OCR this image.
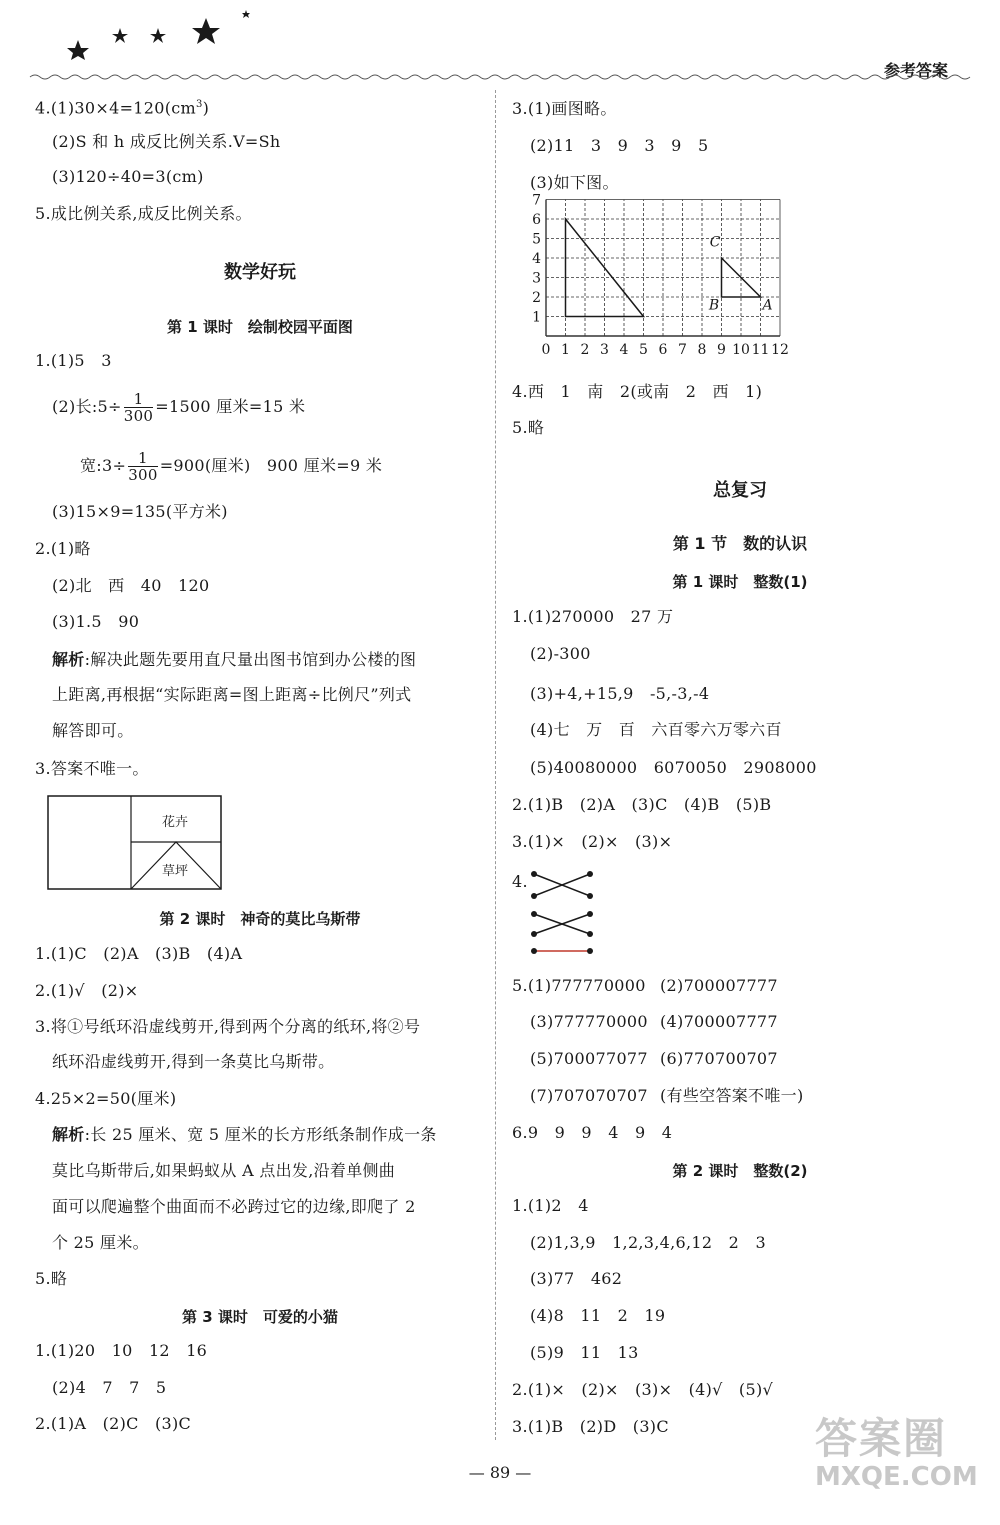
参考答案
$4.(1)30\times 4=120(cm^3)$
(2)S 和 h 成反比例关系.V=Sh
(3)120÷40=3(cm)
5.成比例关系,成反比例关系。
数学好玩
第 1 课时　绘制校园平面图
1.(1)5　3
(2)长:5÷ $\frac{1}{300} =1500$ 厘米=15 米
宽:3÷ $\frac{1}{300} =900$(厘米)　900 厘米=9 米
(3)15×9=135(平方米)
2.(1)略
(2)北　西　40　120
(3)1.5　90
解析:解决此题先要用直尺量出图书馆到办公楼的图
上距离,再根据“实际距离=图上距离÷比例尺”列式
解答即可。
3.答案不唯一。
花卉
草坪
第 2 课时　神奇的莫比乌斯带
1.(1)C　(2)A　(3)B　(4)A
2.(1)√　(2)×
3.将①号纸环沿虚线剪开,得到两个分离的纸环,将②号
纸环沿虚线剪开,得到一条莫比乌斯带。
4.25×2=50(厘米)
解析:长 25 厘米、宽 5 厘米的长方形纸条制作成一条
莫比乌斯带后,如果蚂蚁从 A 点出发,沿着单侧曲
面可以爬遍整个曲面而不必跨过它的边缘,即爬了 2
个 25 厘米。
5.略
第 3 课时　可爱的小猫
1.(1)20　10　12　16
(2)4　7　7　5
2.(1)A　(2)C　(3)C
3.(1)画图略。
(2)11　3　9　3　9　5
(3)如下图。
0 1 2 3 4 5 6 7 8 9 10 11 12
1
2
3
4
5
6
7
C
B	A
4.西　1　南　2(或南　2　西　1)
5.略
总复习
第 1 节　数的认识
第 1 课时　整数(1)
1.(1)270000　27 万
(2)-300
(3)+4,+15,9　-5,-3,-4
(4)七　万　百　六百零六万零六百
(5)40080000　6070050　2908000
2.(1)B　(2)A　(3)C　(4)B　(5)B
3.(1)×　(2)×　(3)×
4.
5.(1)777770000 (2)700007777
(3)777770000 (4)700007777
(5)700077077 (6)770700707
(7)707070707 (有些空答案不唯一)
6.9　9　9　4　9　4
第 2 课时　整数(2)
1.(1)2　4
(2)1,3,9　1,2,3,4,6,12　2　3
(3)77　462
(4)8　11　2　19
(5)9　11　13
2.(1)×　(2)×　(3)×　(4)√　(5)√
3.(1)B　(2)D　(3)C
— 89 —
答案圈
MXQE.COM
